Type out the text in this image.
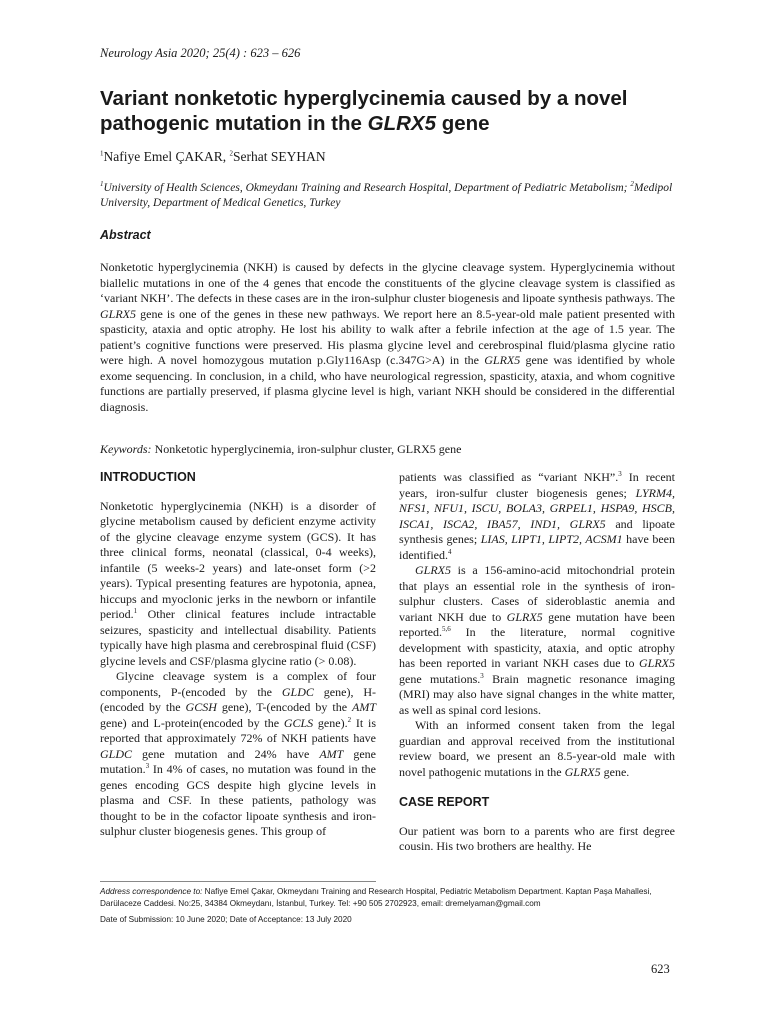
Neurology Asia 2020; 25(4) : 623 – 626
Variant nonketotic hyperglycinemia caused by a novel pathogenic mutation in the GLRX5 gene
$^1$Nafiye Emel ÇAKAR, $^2$Serhat SEYHAN
$^1$University of Health Sciences, Okmeydanı Training and Research Hospital, Department of Pediatric Metabolism; $^2$Medipol University, Department of Medical Genetics, Turkey
Abstract
Nonketotic hyperglycinemia (NKH) is caused by defects in the glycine cleavage system. Hyperglycinemia without biallelic mutations in one of the 4 genes that encode the constituents of the glycine cleavage system is classified as ‘variant NKH’. The defects in these cases are in the iron-sulphur cluster biogenesis and lipoate synthesis pathways. The GLRX5 gene is one of the genes in these new pathways. We report here an 8.5-year-old male patient presented with spasticity, ataxia and optic atrophy. He lost his ability to walk after a febrile infection at the age of 1.5 year. The patient’s cognitive functions were preserved. His plasma glycine level and cerebrospinal fluid/plasma glycine ratio were high. A novel homozygous mutation p.Gly116Asp (c.347G>A) in the GLRX5 gene was identified by whole exome sequencing. In conclusion, in a child, who have neurological regression, spasticity, ataxia, and whom cognitive functions are partially preserved, if plasma glycine level is high, variant NKH should be considered in the differential diagnosis.
Keywords: Nonketotic hyperglycinemia, iron-sulphur cluster, GLRX5 gene

INTRODUCTION

Nonketotic hyperglycinemia (NKH) is a disorder of glycine metabolism caused by deficient enzyme activity of the glycine cleavage enzyme system (GCS). It has three clinical forms, neonatal (classical, 0-4 weeks), infantile (5 weeks-2 years) and late-onset form (>2 years). Typical presenting features are hypotonia, apnea, hiccups and myoclonic jerks in the newborn or infantile period.$^1$ Other clinical features include intractable seizures, spasticity and intellectual disability. Patients typically have high plasma and cerebrospinal fluid (CSF) glycine levels and CSF/plasma glycine ratio (> 0.08).

Glycine cleavage system is a complex of four components, P-(encoded by the GLDC gene), H-(encoded by the GCSH gene), T-(encoded by the AMT gene) and L-protein(encoded by the GCLS gene).$^2$ It is reported that approximately 72% of NKH patients have GLDC gene mutation and 24% have AMT gene mutation.$^3$ In 4% of cases, no mutation was found in the genes encoding GCS despite high glycine levels in plasma and CSF. In these patients, pathology was thought to be in the cofactor lipoate synthesis and iron-sulphur cluster biogenesis genes. This group of

patients was classified as “variant NKH”.$^3$ In recent years, iron-sulfur cluster biogenesis genes; LYRM4, NFS1, NFU1, ISCU, BOLA3, GRPEL1, HSPA9, HSCB, ISCA1, ISCA2, IBA57, IND1, GLRX5 and lipoate synthesis genes; LIAS, LIPT1, LIPT2, ACSM1 have been identified.$^4$

GLRX5 is a 156-amino-acid mitochondrial protein that plays an essential role in the synthesis of iron-sulphur clusters. Cases of sideroblastic anemia and variant NKH due to GLRX5 gene mutation have been reported.$^{5,6}$ In the literature, normal cognitive development with spasticity, ataxia, and optic atrophy has been reported in variant NKH cases due to GLRX5 gene mutations.$^3$ Brain magnetic resonance imaging (MRI) may also have signal changes in the white matter, as well as spinal cord lesions.

With an informed consent taken from the legal guardian and approval received from the institutional review board, we present an 8.5-year-old male with novel pathogenic mutations in the GLRX5 gene.

CASE REPORT

Our patient was born to a parents who are first degree cousin. His two brothers are healthy. He

Address correspondence to: Nafiye Emel Çakar, Okmeydanı Training and Research Hospital, Pediatric Metabolism Department. Kaptan Paşa Mahallesi, Darülaceze Caddesi. No:25, 34384 Okmeydanı, İstanbul, Turkey. Tel: +90 505 2702923, email: dremelyaman@gmail.com
Date of Submission: 10 June 2020; Date of Acceptance: 13 July 2020
623
